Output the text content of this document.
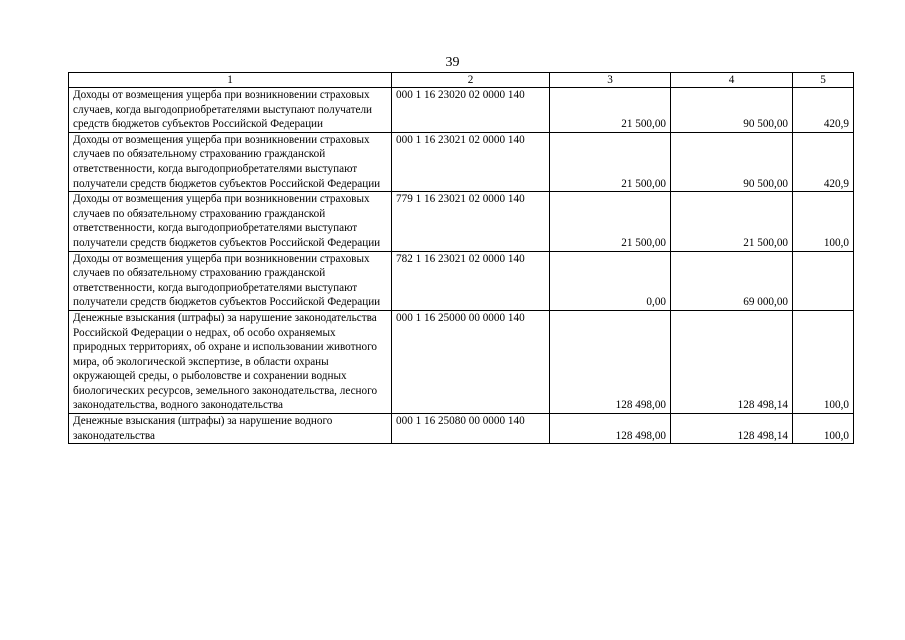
39
1	2	3	4	5
Доходы от возмещения ущерба при возникновении страховых случаев, когда выгодоприобретателями выступают получатели средств бюджетов субъектов Российской Федерации	000 1 16 23020 02 0000 140	21 500,00	90 500,00	420,9
Доходы от возмещения ущерба при возникновении страховых случаев по обязательному страхованию гражданской ответственности, когда выгодоприобретателями выступают получатели средств бюджетов субъектов Российской Федерации	000 1 16 23021 02 0000 140	21 500,00	90 500,00	420,9
Доходы от возмещения ущерба при возникновении страховых случаев по обязательному страхованию гражданской ответственности, когда выгодоприобретателями выступают получатели средств бюджетов субъектов Российской Федерации	779 1 16 23021 02 0000 140	21 500,00	21 500,00	100,0
Доходы от возмещения ущерба при возникновении страховых случаев по обязательному страхованию гражданской ответственности, когда выгодоприобретателями выступают получатели средств бюджетов субъектов Российской Федерации	782 1 16 23021 02 0000 140	0,00	69 000,00	
Денежные взыскания (штрафы) за нарушение законодательства Российской Федерации о недрах, об особо охраняемых природных территориях, об охране и использовании животного мира, об экологической экспертизе, в области охраны окружающей среды, о рыболовстве и сохранении водных биологических ресурсов, земельного законодательства, лесного законодательства, водного законодательства	000 1 16 25000 00 0000 140	128 498,00	128 498,14	100,0
Денежные взыскания (штрафы) за нарушение водного законодательства	000 1 16 25080 00 0000 140	128 498,00	128 498,14	100,0
